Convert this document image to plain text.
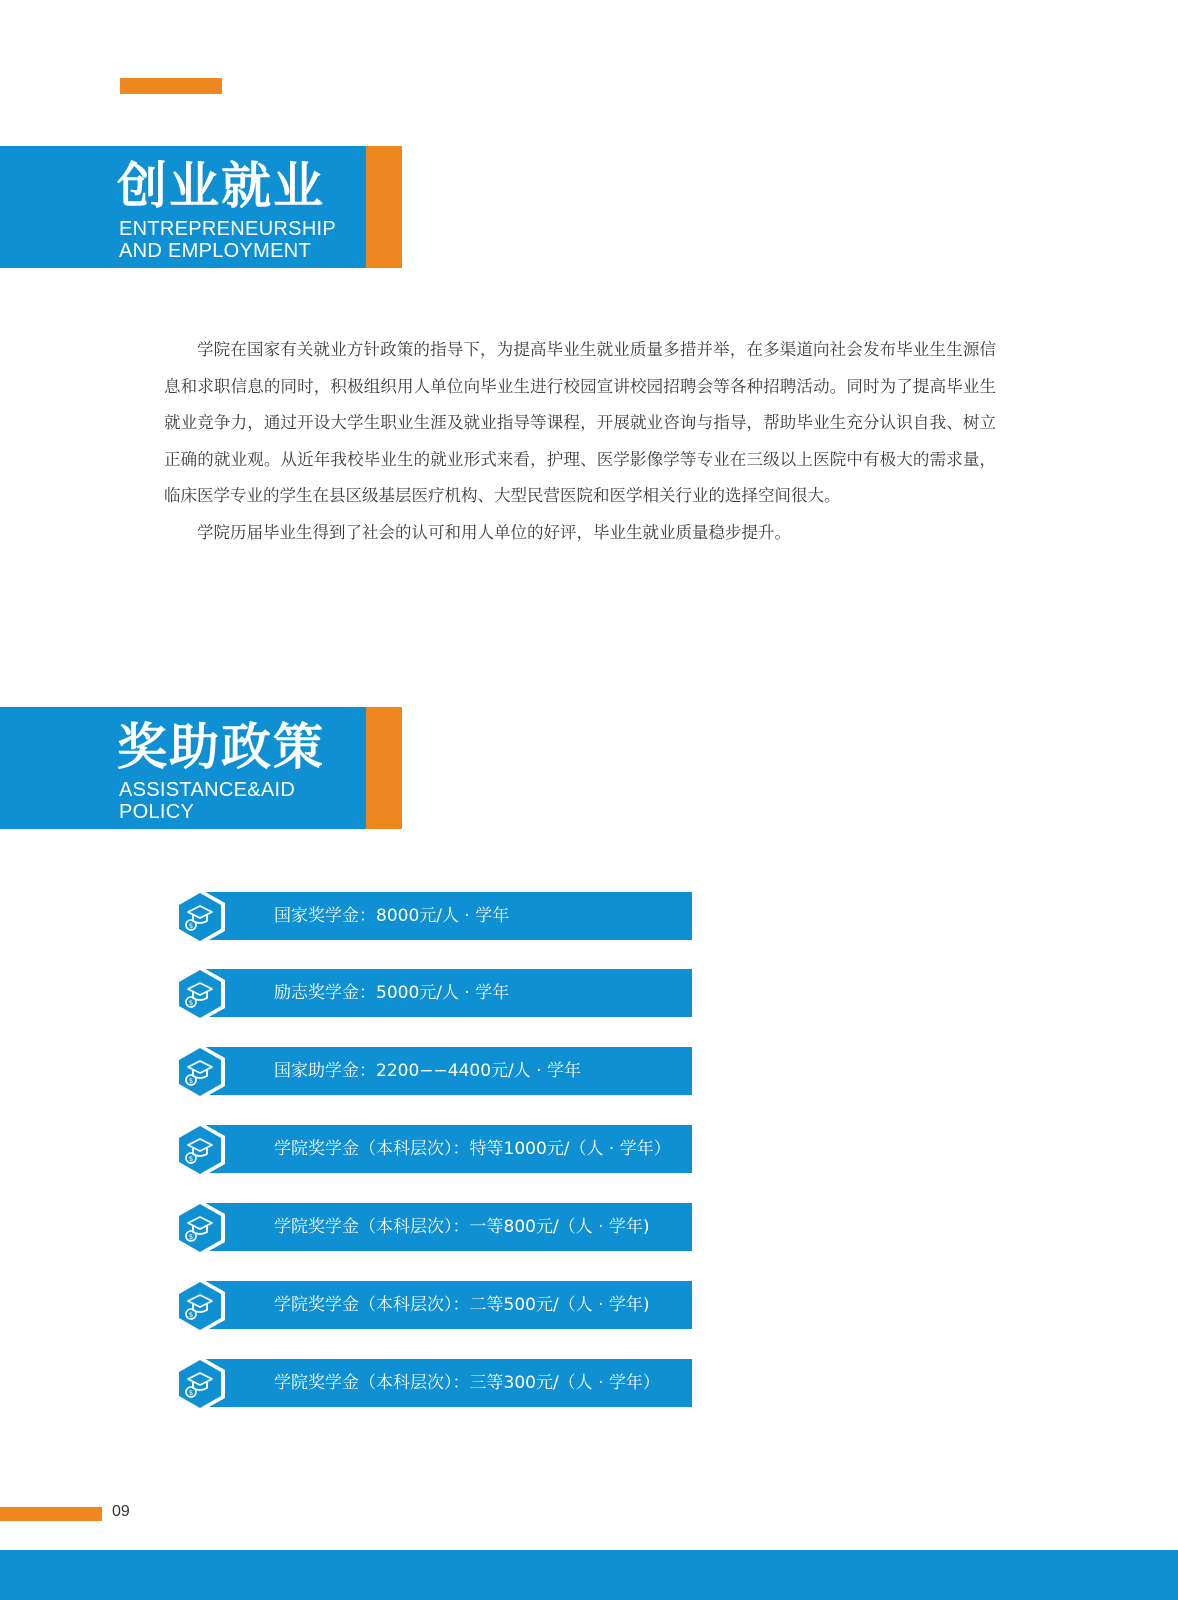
创业就业
ENTREPRENEURSHIP
AND EMPLOYMENT

学院在国家有关就业方针政策的指导下，为提高毕业生就业质量多措并举，在多渠道向社会发布毕业生生源信息和求职信息的同时，积极组织用人单位向毕业生进行校园宣讲校园招聘会等各种招聘活动。同时为了提高毕业生就业竞争力，通过开设大学生职业生涯及就业指导等课程，开展就业咨询与指导，帮助毕业生充分认识自我、树立正确的就业观。从近年我校毕业生的就业形式来看，护理、医学影像学等专业在三级以上医院中有极大的需求量，临床医学专业的学生在县区级基层医疗机构、大型民营医院和医学相关行业的选择空间很大。

学院历届毕业生得到了社会的认可和用人单位的好评，毕业生就业质量稳步提升。

奖助政策
ASSISTANCE&AID
POLICY
国家奖学金：8000元/人 · 学年
$
励志奖学金：5000元/人 · 学年
$
国家助学金：2200−−4400元/人 · 学年
$
学院奖学金（本科层次）：特等1000元/（人 · 学年）
$
学院奖学金（本科层次）：一等800元/（人 · 学年)
$
学院奖学金（本科层次）：二等500元/（人 · 学年)
$
学院奖学金（本科层次）：三等300元/（人 · 学年）
$
09
